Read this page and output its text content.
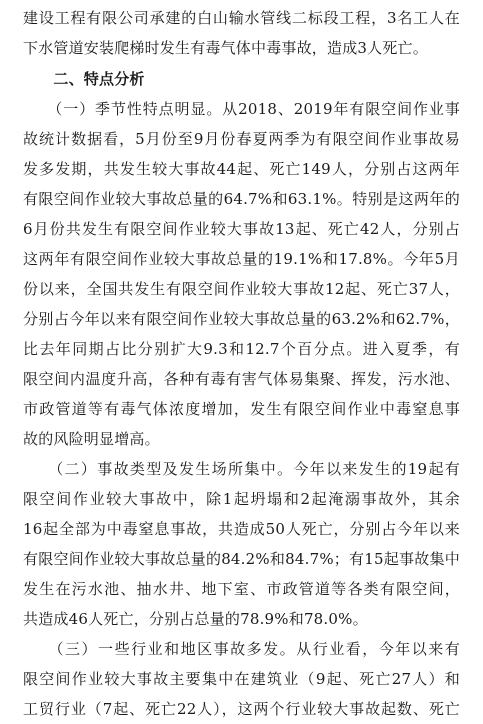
建设工程有限公司承建的白山输水管线二标段工程，3名工人在
下水管道安装爬梯时发生有毒气体中毒事故，造成3人死亡。
　　二、特点分析
　　（一）季节性特点明显。从2018、2019年有限空间作业事
故统计数据看，5月份至9月份春夏两季为有限空间作业事故易
发多发期，共发生较大事故44起、死亡149人，分别占这两年
有限空间作业较大事故总量的64.7%和63.1%。特别是这两年的
6月份共发生有限空间作业较大事故13起、死亡42人，分别占
这两年有限空间作业较大事故总量的19.1%和17.8%。今年5月
份以来，全国共发生有限空间作业较大事故12起、死亡37人，
分别占今年以来有限空间作业较大事故总量的63.2%和62.7%，
比去年同期占比分别扩大9.3和12.7个百分点。进入夏季，有
限空间内温度升高，各种有毒有害气体易集聚、挥发，污水池、
市政管道等有毒气体浓度增加，发生有限空间作业中毒窒息事
故的风险明显增高。
　　（二）事故类型及发生场所集中。今年以来发生的19起有
限空间作业较大事故中，除1起坍塌和2起淹溺事故外，其余
16起全部为中毒窒息事故，共造成50人死亡，分别占今年以来
有限空间作业较大事故总量的84.2%和84.7%；有15起事故集中
发生在污水池、抽水井、地下室、市政管道等各类有限空间，
共造成46人死亡，分别占总量的78.9%和78.0%。
　　（三）一些行业和地区事故多发。从行业看，今年以来有
限空间作业较大事故主要集中在建筑业（9起、死亡27人）和
工贸行业（7起、死亡22人），这两个行业较大事故起数、死亡
